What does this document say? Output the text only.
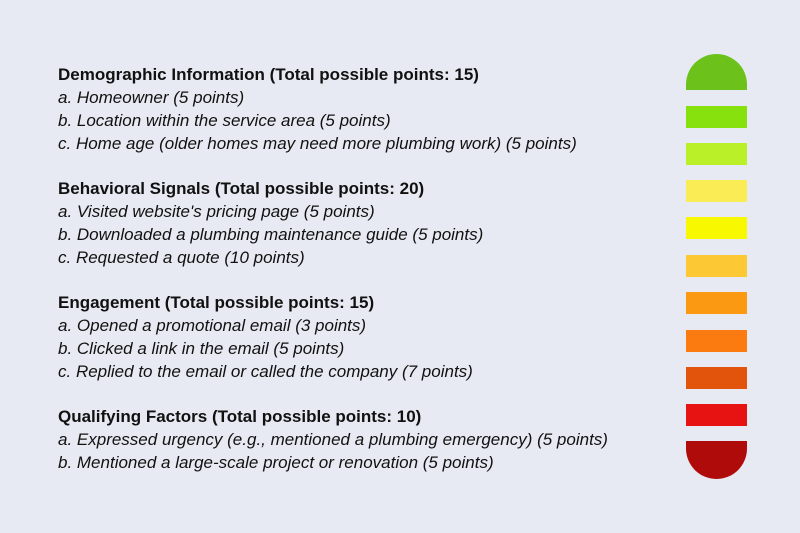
Demographic Information (Total possible points: 15)
a. Homeowner (5 points)
b. Location within the service area (5 points)
c. Home age (older homes may need more plumbing work) (5 points)
Behavioral Signals (Total possible points: 20)
a. Visited website's pricing page (5 points)
b. Downloaded a plumbing maintenance guide (5 points)
c. Requested a quote (10 points)
Engagement (Total possible points: 15)
a. Opened a promotional email (3 points)
b. Clicked a link in the email (5 points)
c. Replied to the email or called the company (7 points)
Qualifying Factors (Total possible points: 10)
a. Expressed urgency (e.g., mentioned a plumbing emergency) (5 points)
b. Mentioned a large-scale project or renovation (5 points)
